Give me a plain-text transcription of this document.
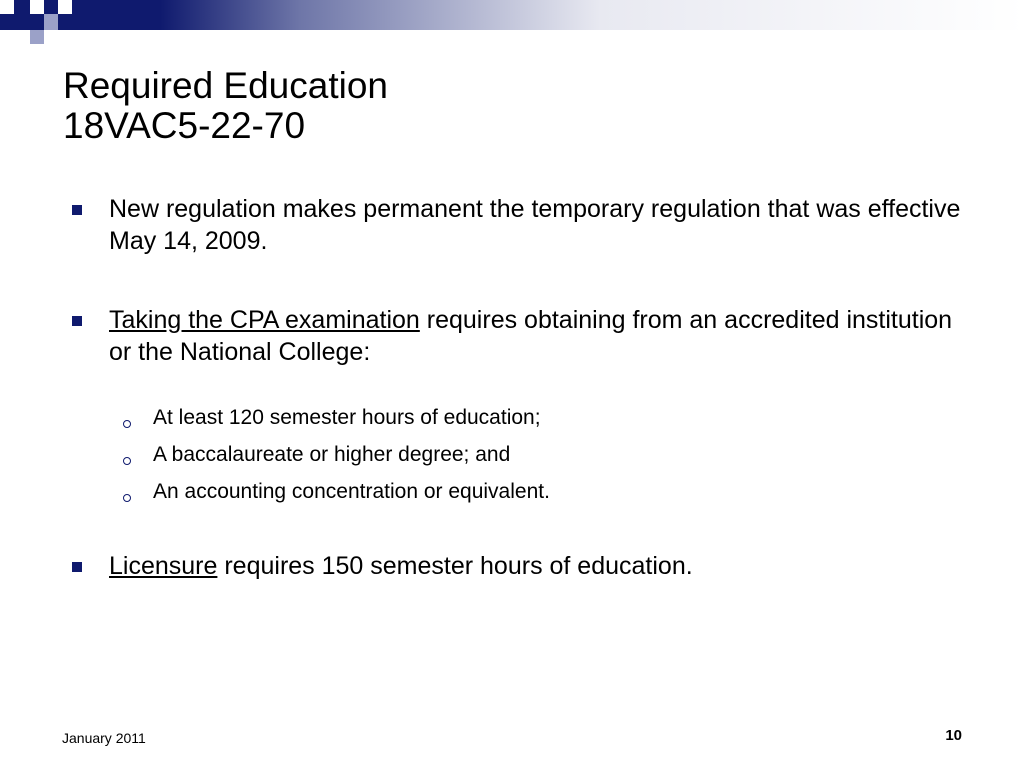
Required Education
18VAC5-22-70
New regulation makes permanent the temporary regulation that was effective May 14, 2009.
Taking the CPA examination requires obtaining from an accredited institution or the National College:
At least 120 semester hours of education;
A baccalaureate or higher degree; and
An accounting concentration or equivalent.
Licensure requires 150 semester hours of education.
January 2011	10
